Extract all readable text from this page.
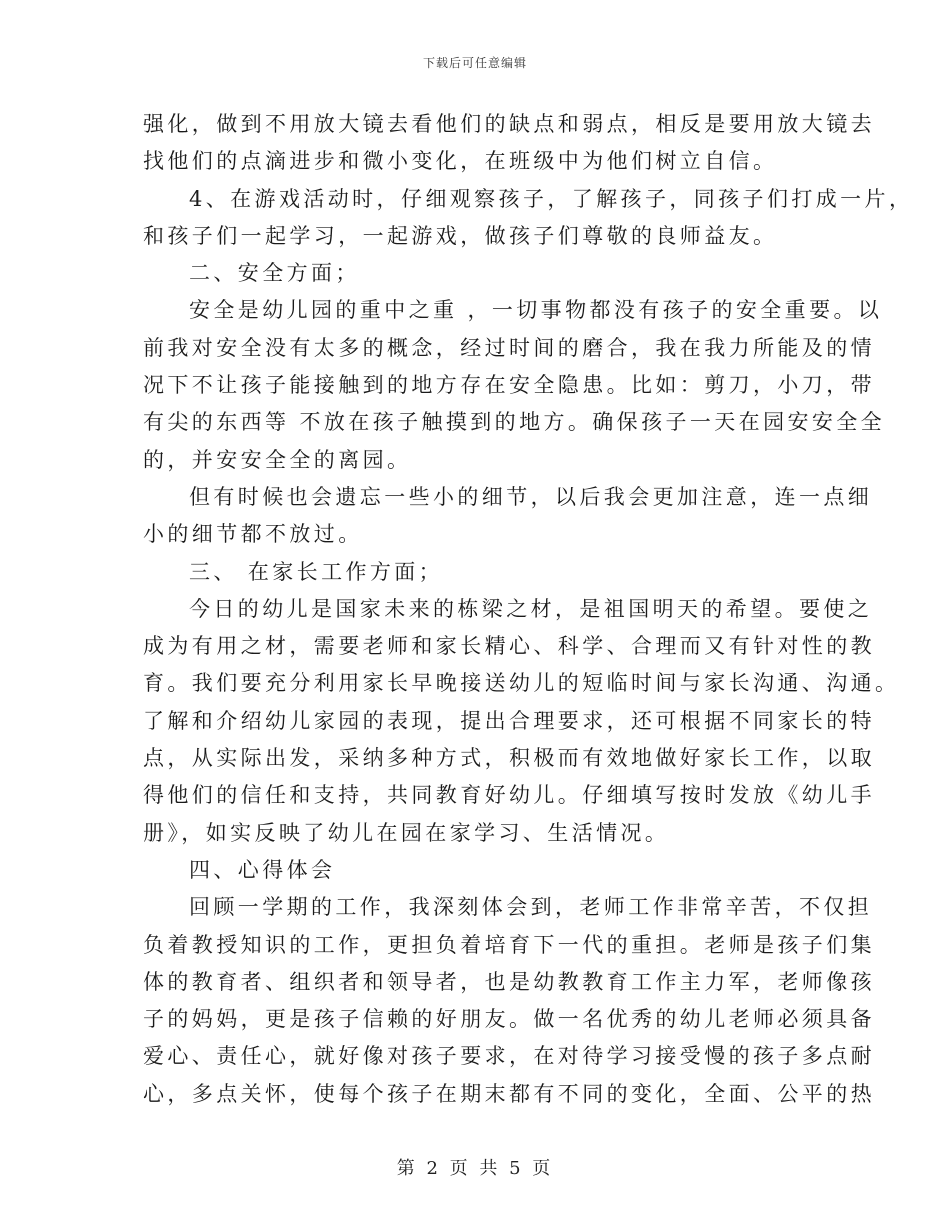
下载后可任意编辑
强化，做到不用放大镜去看他们的缺点和弱点，相反是要用放大镜去
找他们的点滴进步和微小变化，在班级中为他们树立自信。
4、在游戏活动时，仔细观察孩子，了解孩子，同孩子们打成一片，
和孩子们一起学习，一起游戏，做孩子们尊敬的良师益友。
二、安全方面；
安全是幼儿园的重中之重 ，一切事物都没有孩子的安全重要。以
前我对安全没有太多的概念，经过时间的磨合，我在我力所能及的情
况下不让孩子能接触到的地方存在安全隐患。比如：剪刀，小刀，带
有尖的东西等 不放在孩子触摸到的地方。确保孩子一天在园安安全全
的，并安安全全的离园。
但有时候也会遗忘一些小的细节，以后我会更加注意，连一点细
小的细节都不放过。
三、 在家长工作方面；
今日的幼儿是国家未来的栋梁之材，是祖国明天的希望。要使之
成为有用之材，需要老师和家长精心、科学、合理而又有针对性的教
育。我们要充分利用家长早晚接送幼儿的短临时间与家长沟通、沟通。
了解和介绍幼儿家园的表现，提出合理要求，还可根据不同家长的特
点，从实际出发，采纳多种方式，积极而有效地做好家长工作，以取
得他们的信任和支持，共同教育好幼儿。仔细填写按时发放《幼儿手
册》，如实反映了幼儿在园在家学习、生活情况。
四、心得体会
回顾一学期的工作，我深刻体会到，老师工作非常辛苦，不仅担
负着教授知识的工作，更担负着培育下一代的重担。老师是孩子们集
体的教育者、组织者和领导者，也是幼教教育工作主力军，老师像孩
子的妈妈，更是孩子信赖的好朋友。做一名优秀的幼儿老师必须具备
爱心、责任心，就好像对孩子要求，在对待学习接受慢的孩子多点耐
心，多点关怀，使每个孩子在期末都有不同的变化，全面、公平的热
第 2 页 共 5 页
